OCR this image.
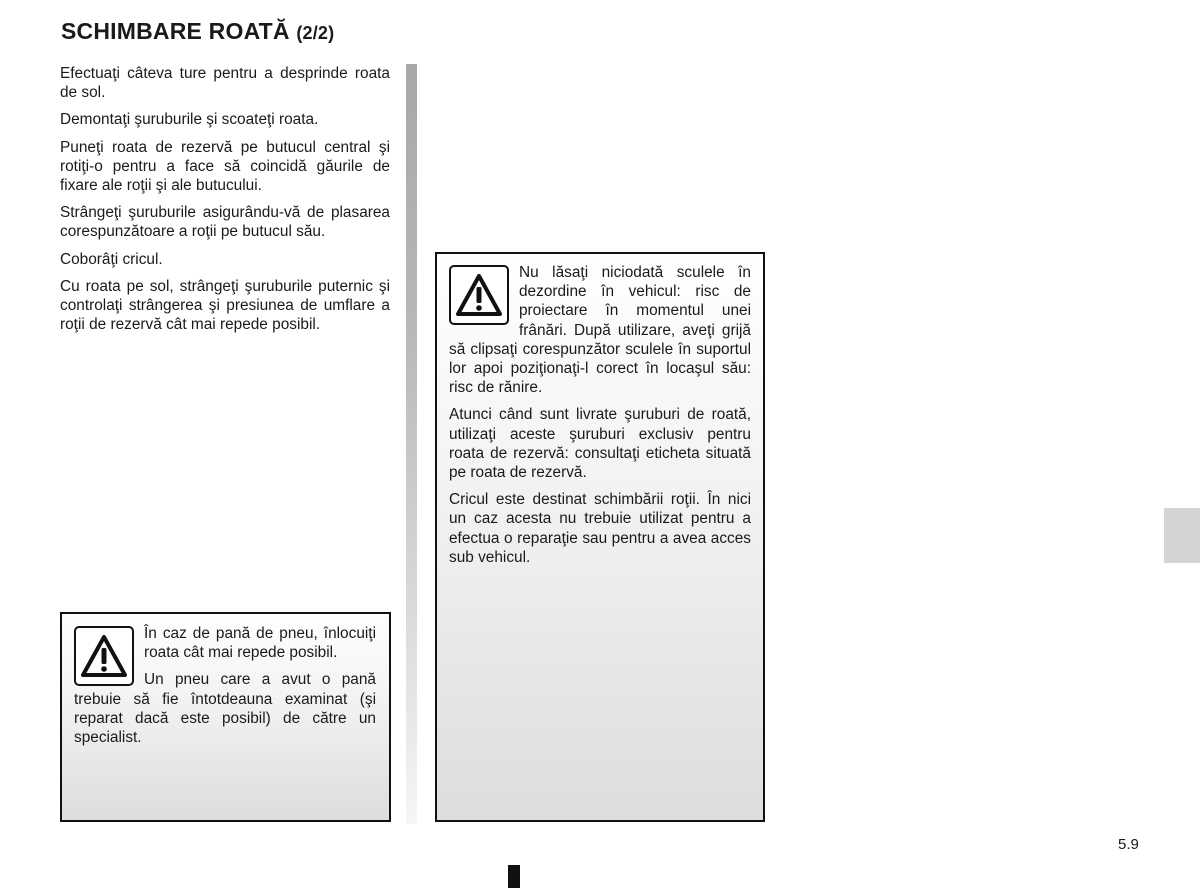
SCHIMBARE ROATĂ (2/2)

Efectuaţi câteva ture pentru a desprinde roata de sol.

Demontaţi şuruburile şi scoateţi roata.

Puneţi roata de rezervă pe butucul central şi rotiţi-o pentru a face să coincidă găurile de fixare ale roţii şi ale butucului.

Strângeţi şuruburile asigurându-vă de plasarea corespunzătoare a roţii pe butucul său.

Coborâţi cricul.

Cu roata pe sol, strângeţi şuruburile puternic şi controlaţi strângerea şi presiunea de umflare a roţii de rezervă cât mai repede posibil.

În caz de pană de pneu, înlocuiţi roata cât mai repede posibil.

Un pneu care a avut o pană trebuie să fie întotdeauna examinat (şi reparat dacă este posibil) de către un specialist.

Nu lăsaţi niciodată sculele în dezordine în vehicul: risc de proiectare în momentul unei frânări. După utilizare, aveţi grijă să clipsaţi corespunzător sculele în suportul lor apoi poziţionaţi-l corect în locaşul său: risc de rănire.

Atunci când sunt livrate şuruburi de roată, utilizaţi aceste şuruburi exclusiv pentru roata de rezervă: consultaţi eticheta situată pe roata de rezervă.

Cricul este destinat schimbării roţii. În nici un caz acesta nu trebuie utilizat pentru a efectua o reparaţie sau pentru a avea acces sub vehicul.

5.9
